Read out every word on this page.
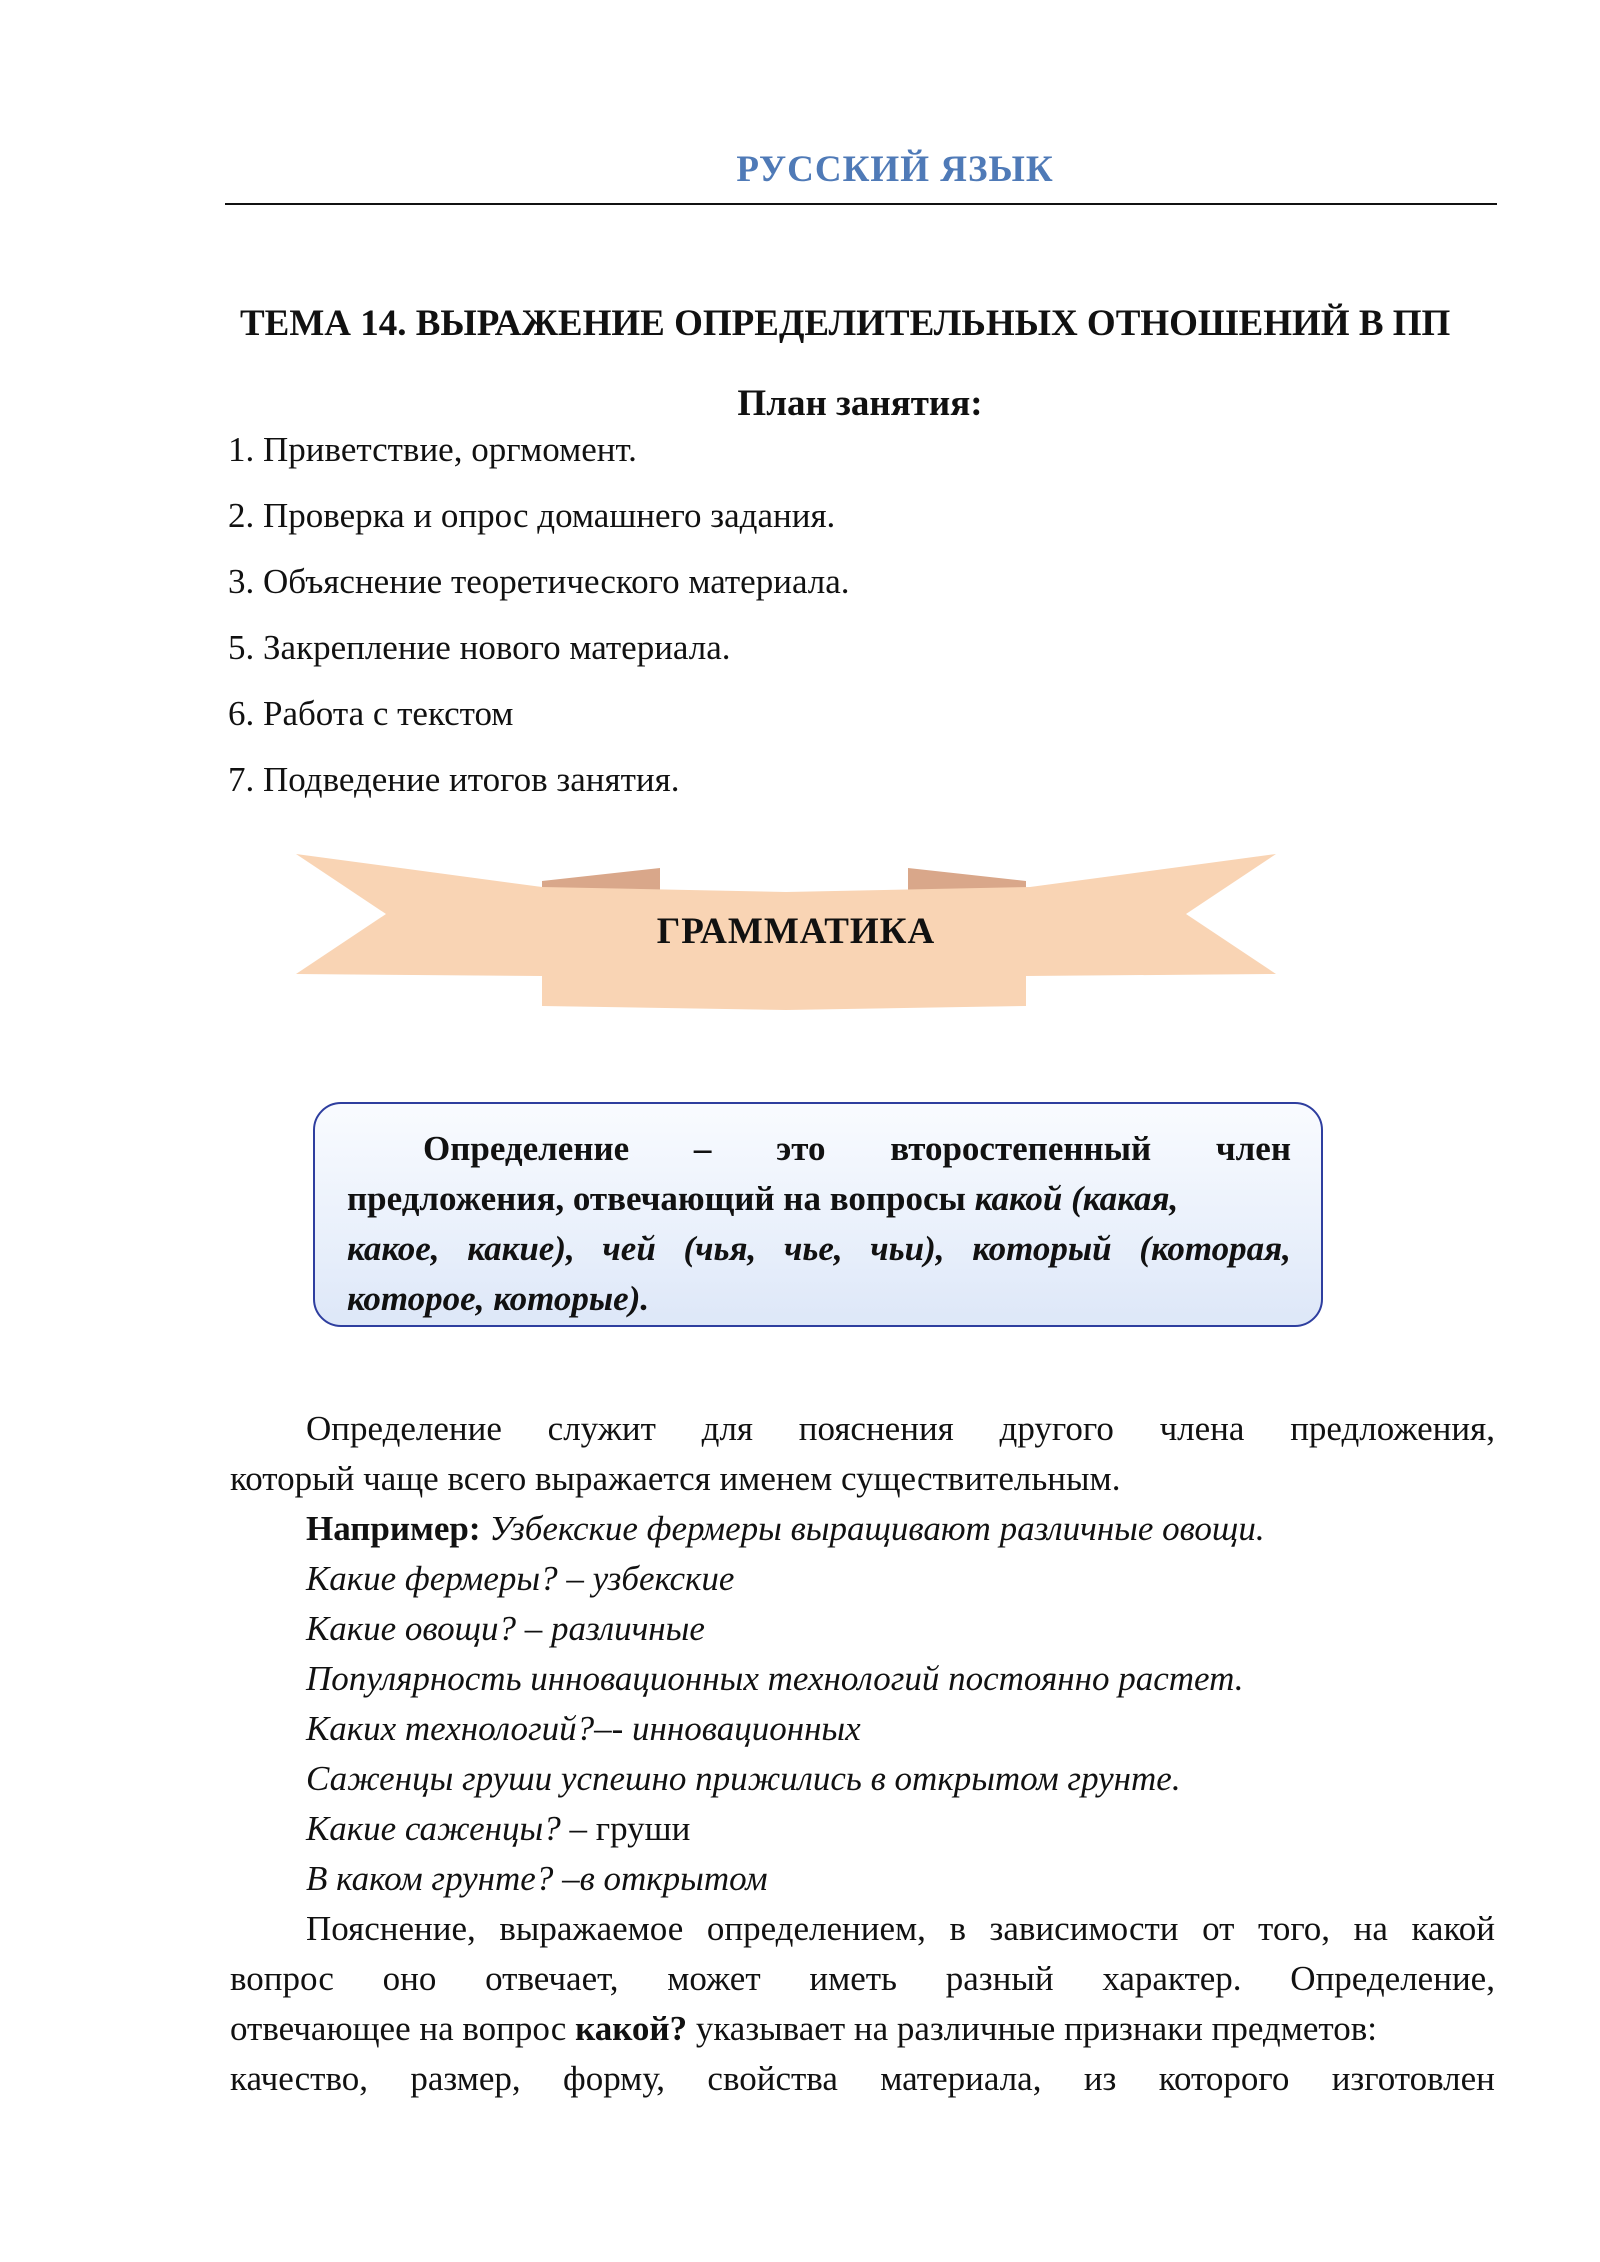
РУССКИЙ ЯЗЫК
ТЕМА 14. ВЫРАЖЕНИЕ ОПРЕДЕЛИТЕЛЬНЫХ ОТНОШЕНИЙ В ПП
План занятия:
1. Приветствие, оргмомент.
2. Проверка и опрос домашнего задания.
3. Объяснение теоретического материала.
5. Закрепление нового материала.
6. Работа с текстом
7. Подведение итогов занятия.
ГРАММАТИКА
Определение – это второстепенный член
предложения, отвечающий на вопросы какой (какая,
какое, какие), чей (чья, чье, чьи), который (которая,
которое, которые).
Определение служит для пояснения другого члена предложения,
который чаще всего выражается именем существительным.
Например: Узбекские фермеры выращивают различные овощи.
Какие фермеры? – узбекские
Какие овощи? – различные
Популярность инновационных технологий постоянно растет.
Каких технологий?–- инновационных
Саженцы груши успешно прижились в открытом грунте.
Какие саженцы? – груши
В каком грунте? –в открытом
Пояснение, выражаемое определением, в зависимости от того, на какой
вопрос оно отвечает, может иметь разный характер. Определение,
отвечающее на вопрос какой? указывает на различные признаки предметов:
качество, размер, форму, свойства материала, из которого изготовлен
